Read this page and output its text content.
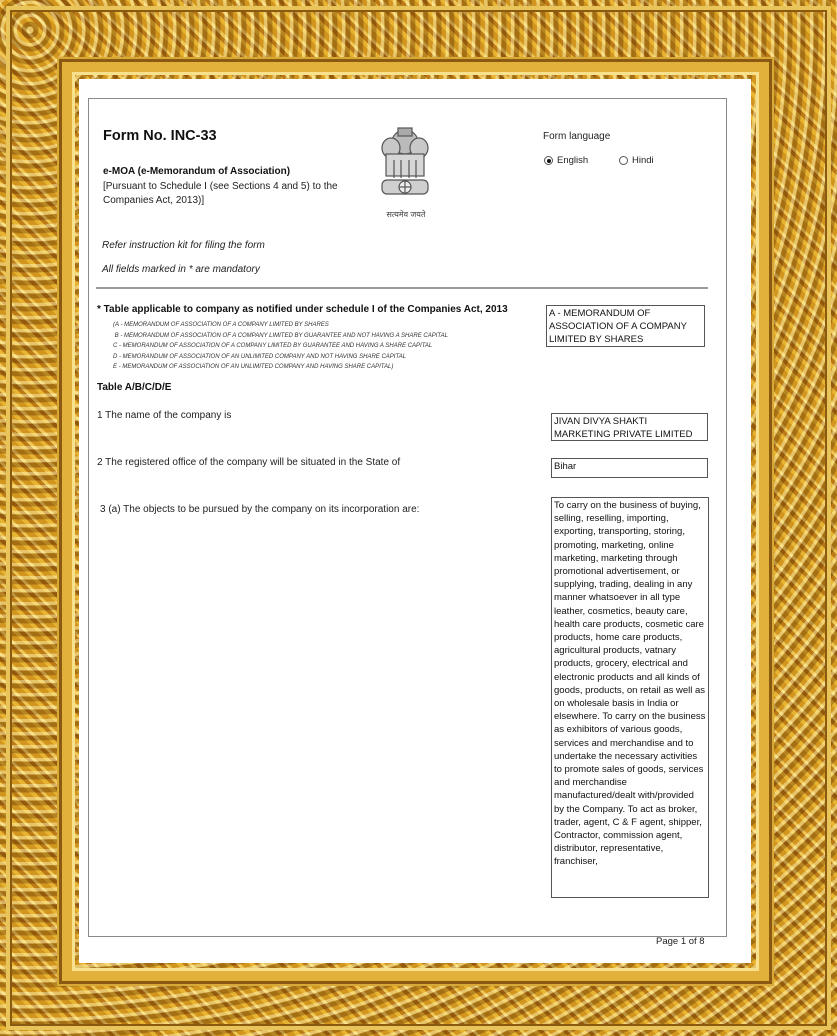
Form No. INC-33
e-MOA (e-Memorandum of Association)
[Pursuant to Schedule I (see Sections 4 and 5) to the Companies Act, 2013)]
Refer instruction kit for filing the form
All fields marked in * are mandatory
सत्यमेव जयते
Form language
English	Hindi
* Table applicable to company as notified under schedule I of the Companies Act, 2013
(A - MEMORANDUM OF ASSOCIATION OF A COMPANY LIMITED BY SHARES
B - MEMORANDUM OF ASSOCIATION OF A COMPANY LIMITED BY GUARANTEE AND NOT HAVING A SHARE CAPITAL
C - MEMORANDUM OF ASSOCIATION OF A COMPANY LIMITED BY GUARANTEE AND HAVING A SHARE CAPITAL
D - MEMORANDUM OF ASSOCIATION OF AN UNLIMITED COMPANY AND NOT HAVING SHARE CAPITAL
E - MEMORANDUM OF ASSOCIATION OF AN UNLIMITED COMPANY AND HAVING SHARE CAPITAL)
A - MEMORANDUM OF ASSOCIATION OF A COMPANY LIMITED BY SHARES
Table A/B/C/D/E
1 The name of the company is
JIVAN DIVYA SHAKTI MARKETING PRIVATE LIMITED
2 The registered office of the company will be situated in the State of	Bihar
3 (a) The objects to be pursued by the company on its incorporation are:	To carry on the business of buying, selling, reselling, importing, exporting, transporting, storing, promoting, marketing, online marketing, marketing through promotional advertisement, or supplying, trading, dealing in any manner whatsoever in all type leather, cosmetics, beauty care, health care products, cosmetic care products, home care products, agricultural products, vatnary products, grocery, electrical and electronic products and all kinds of goods, products, on retail as well as on wholesale basis in India or elsewhere. To carry on the business as exhibitors of various goods, services and merchandise and to undertake the necessary activities to promote sales of goods, services and merchandise manufactured/dealt with/provided by the Company. To act as broker, trader, agent, C & F agent, shipper, Contractor, commission agent, distributor, representative, franchiser,
Page 1 of 8
